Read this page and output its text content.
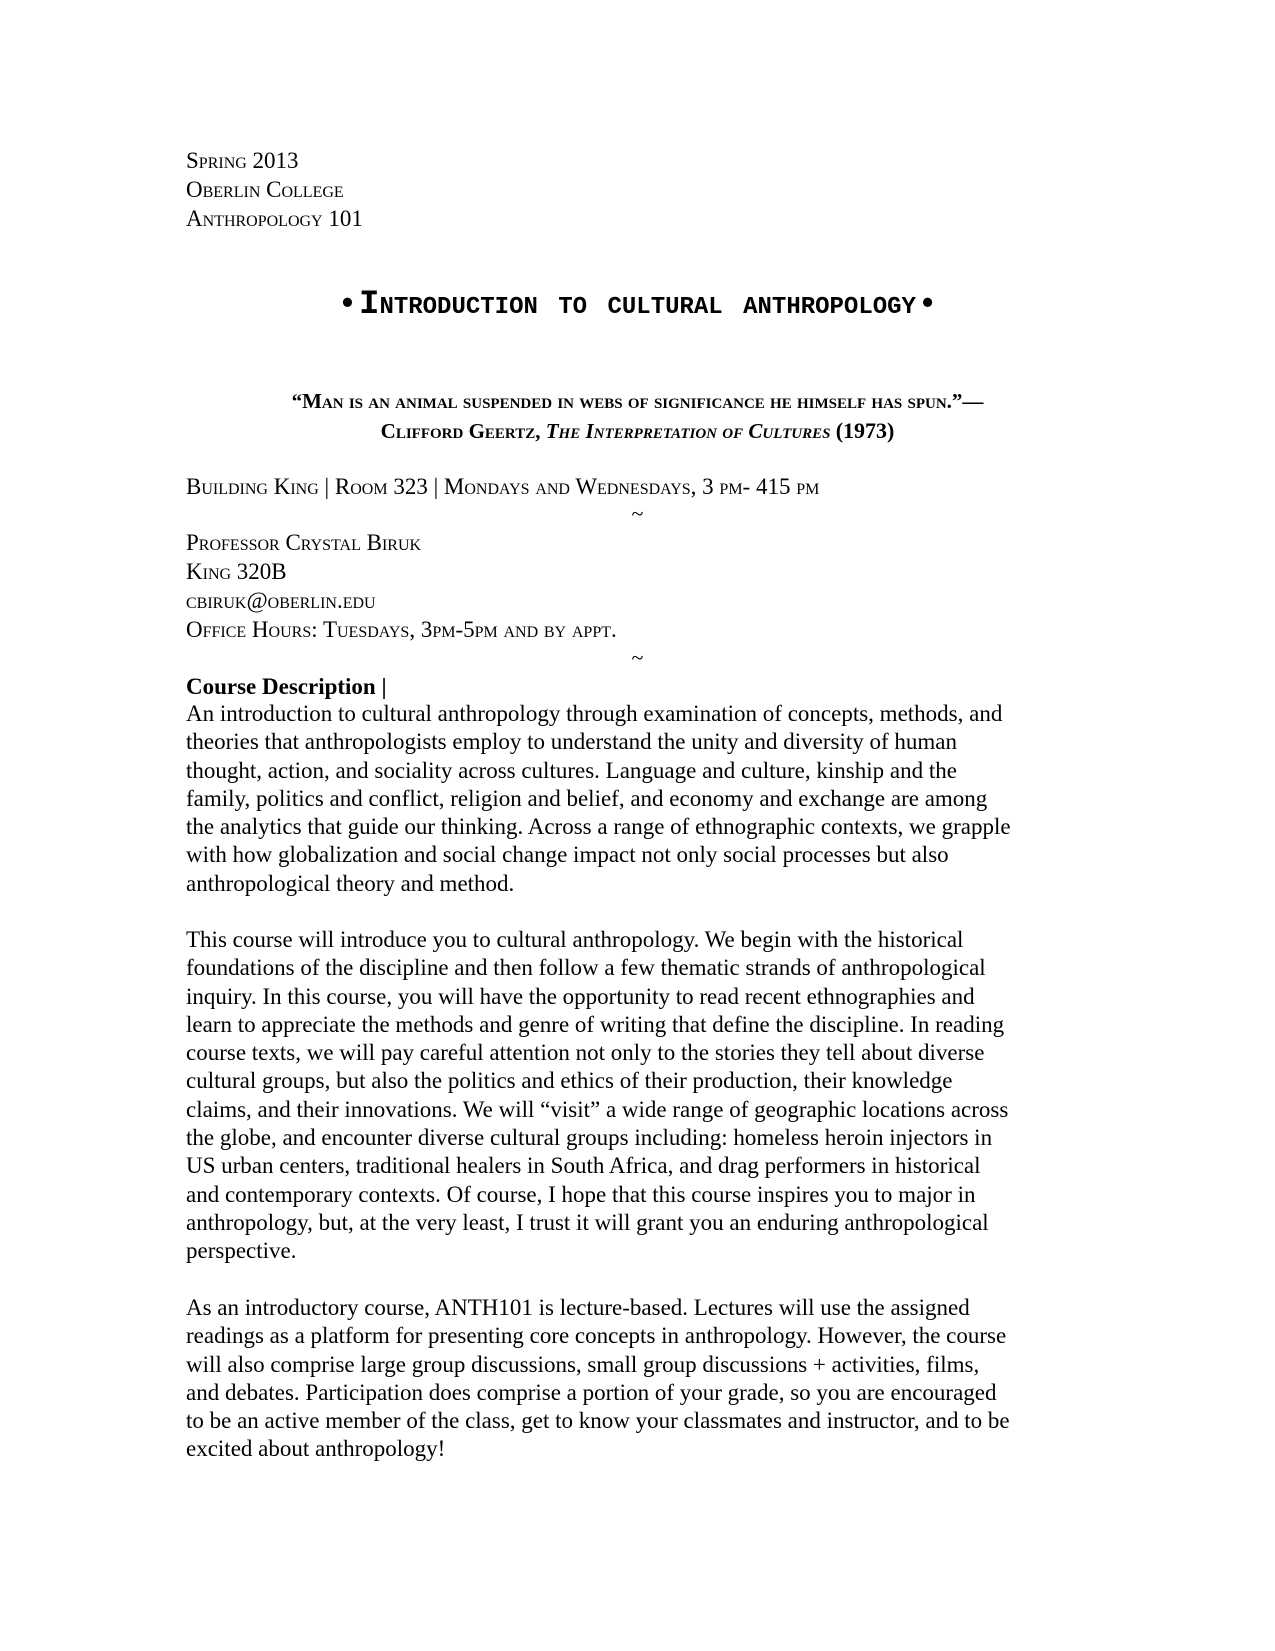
Spring 2013
Oberlin College
Anthropology 101
• Introduction to cultural anthropology •
“Man is an animal suspended in webs of significance he himself has spun.”—
Clifford Geertz, The Interpretation of Cultures (1973)
Building King | Room 323 | Mondays and Wednesdays, 3 pm- 415 pm
~
Professor Crystal Biruk
King 320B
cbiruk@oberlin.edu
Office Hours: Tuesdays, 3pm-5pm and by appt.
~
Course Description |
An introduction to cultural anthropology through examination of concepts, methods, and
theories that anthropologists employ to understand the unity and diversity of human
thought, action, and sociality across cultures. Language and culture, kinship and the
family, politics and conflict, religion and belief, and economy and exchange are among
the analytics that guide our thinking. Across a range of ethnographic contexts, we grapple
with how globalization and social change impact not only social processes but also
anthropological theory and method.
This course will introduce you to cultural anthropology. We begin with the historical
foundations of the discipline and then follow a few thematic strands of anthropological
inquiry. In this course, you will have the opportunity to read recent ethnographies and
learn to appreciate the methods and genre of writing that define the discipline. In reading
course texts, we will pay careful attention not only to the stories they tell about diverse
cultural groups, but also the politics and ethics of their production, their knowledge
claims, and their innovations. We will “visit” a wide range of geographic locations across
the globe, and encounter diverse cultural groups including: homeless heroin injectors in
US urban centers, traditional healers in South Africa, and drag performers in historical
and contemporary contexts. Of course, I hope that this course inspires you to major in
anthropology, but, at the very least, I trust it will grant you an enduring anthropological
perspective.
As an introductory course, ANTH101 is lecture-based. Lectures will use the assigned
readings as a platform for presenting core concepts in anthropology. However, the course
will also comprise large group discussions, small group discussions + activities, films,
and debates. Participation does comprise a portion of your grade, so you are encouraged
to be an active member of the class, get to know your classmates and instructor, and to be
excited about anthropology!
